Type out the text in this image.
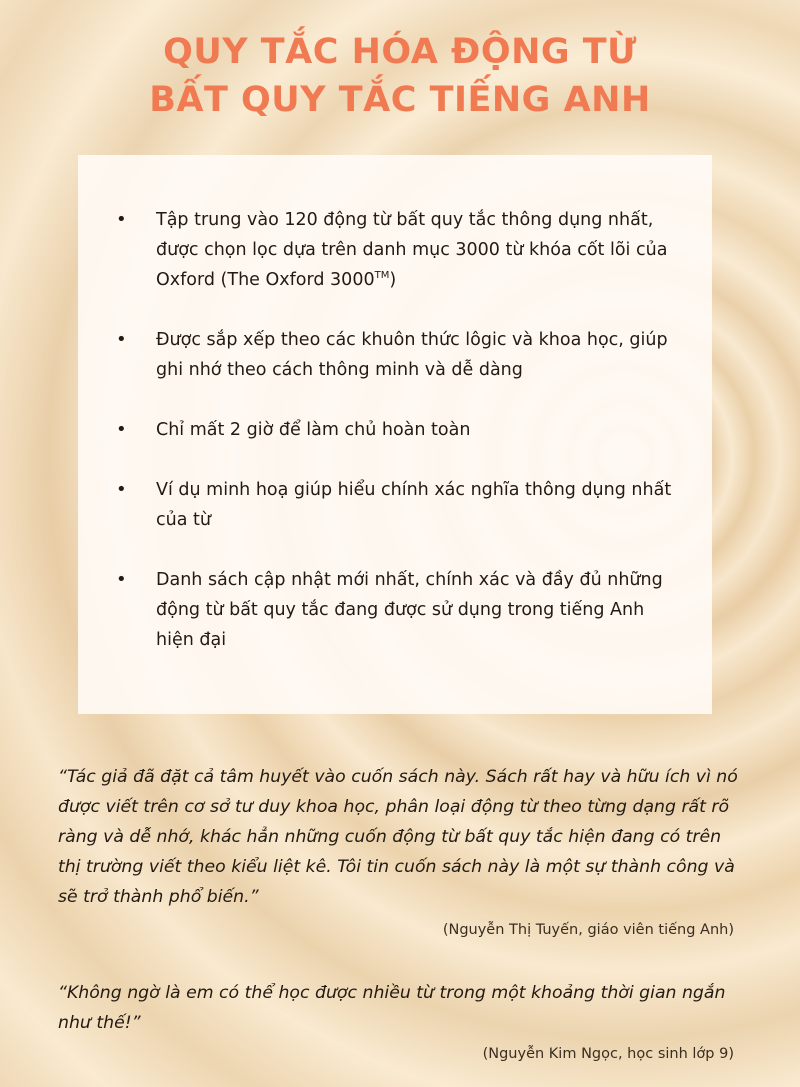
QUY TẮC HÓA ĐỘNG TỪ
BẤT QUY TẮC TIẾNG ANH
• Tập trung vào 120 động từ bất quy tắc thông dụng nhất, được chọn lọc dựa trên danh mục 3000 từ khóa cốt lõi của Oxford (The Oxford 3000™)
• Được sắp xếp theo các khuôn thức lôgic và khoa học, giúp ghi nhớ theo cách thông minh và dễ dàng
• Chỉ mất 2 giờ để làm chủ hoàn toàn
• Ví dụ minh hoạ giúp hiểu chính xác nghĩa thông dụng nhất của từ
• Danh sách cập nhật mới nhất, chính xác và đầy đủ những động từ bất quy tắc đang được sử dụng trong tiếng Anh hiện đại

“Tác giả đã đặt cả tâm huyết vào cuốn sách này. Sách rất hay và hữu ích vì nó được viết trên cơ sở tư duy khoa học, phân loại động từ theo từng dạng rất rõ ràng và dễ nhớ, khác hẳn những cuốn động từ bất quy tắc hiện đang có trên thị trường viết theo kiểu liệt kê. Tôi tin cuốn sách này là một sự thành công và sẽ trở thành phổ biến.”

(Nguyễn Thị Tuyến, giáo viên tiếng Anh)

“Không ngờ là em có thể học được nhiều từ trong một khoảng thời gian ngắn như thế!”

(Nguyễn Kim Ngọc, học sinh lớp 9)
